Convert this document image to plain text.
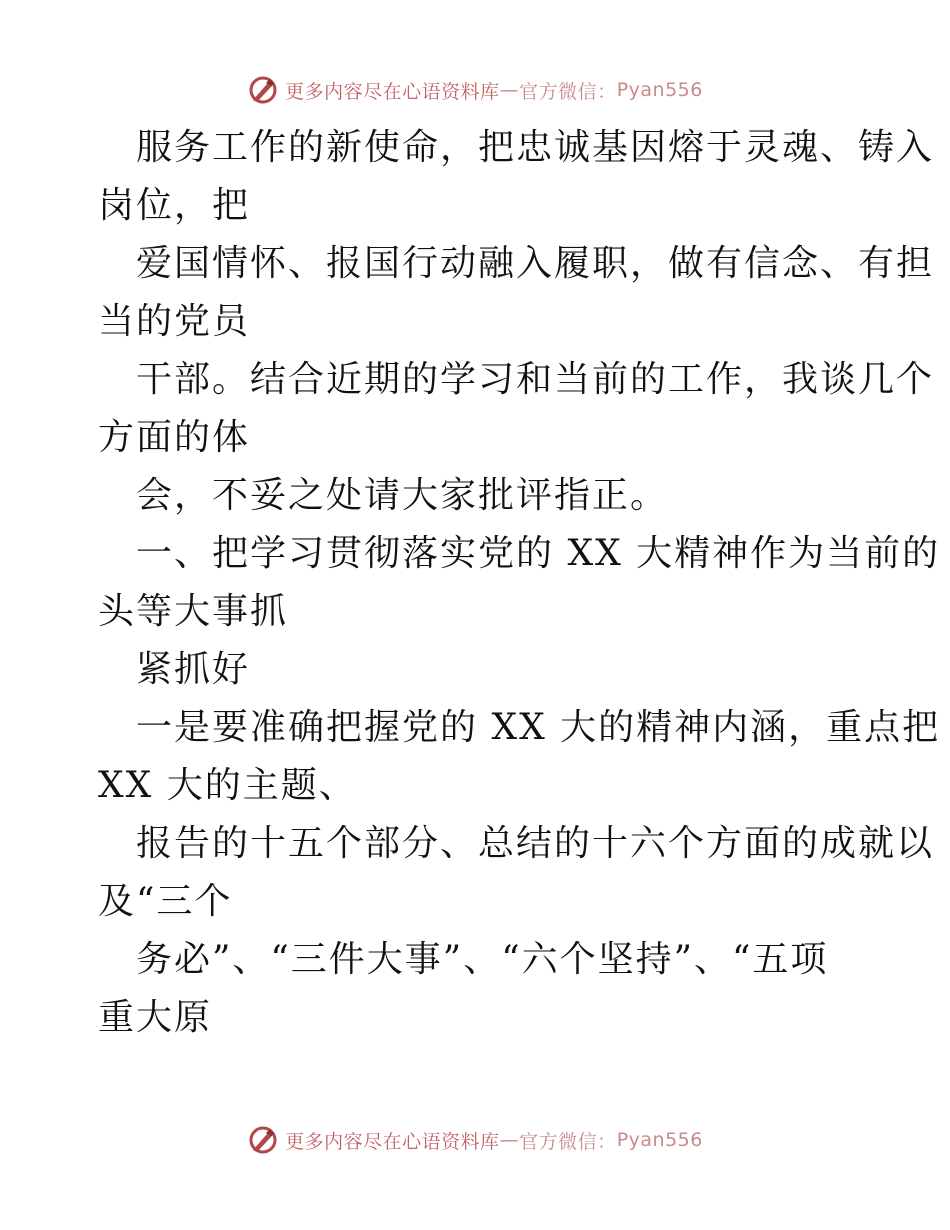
更多内容尽在心语资料库 — 官方微信： Pyan556
服务工作的新使命，把忠诚基因熔于灵魂、铸入
岗位，把
爱国情怀、报国行动融入履职，做有信念、有担
当的党员
干部。结合近期的学习和当前的工作，我谈几个
方面的体
会，不妥之处请大家批评指正。
一、把学习贯彻落实党的 XX 大精神作为当前的
头等大事抓
紧抓好
一是要准确把握党的 XX 大的精神内涵，重点把
XX 大的主题、
报告的十五个部分、总结的十六个方面的成就以
及“三个
务必”、“三件大事”、“六个坚持”、“五项
重大原
更多内容尽在心语资料库 — 官方微信： Pyan556
